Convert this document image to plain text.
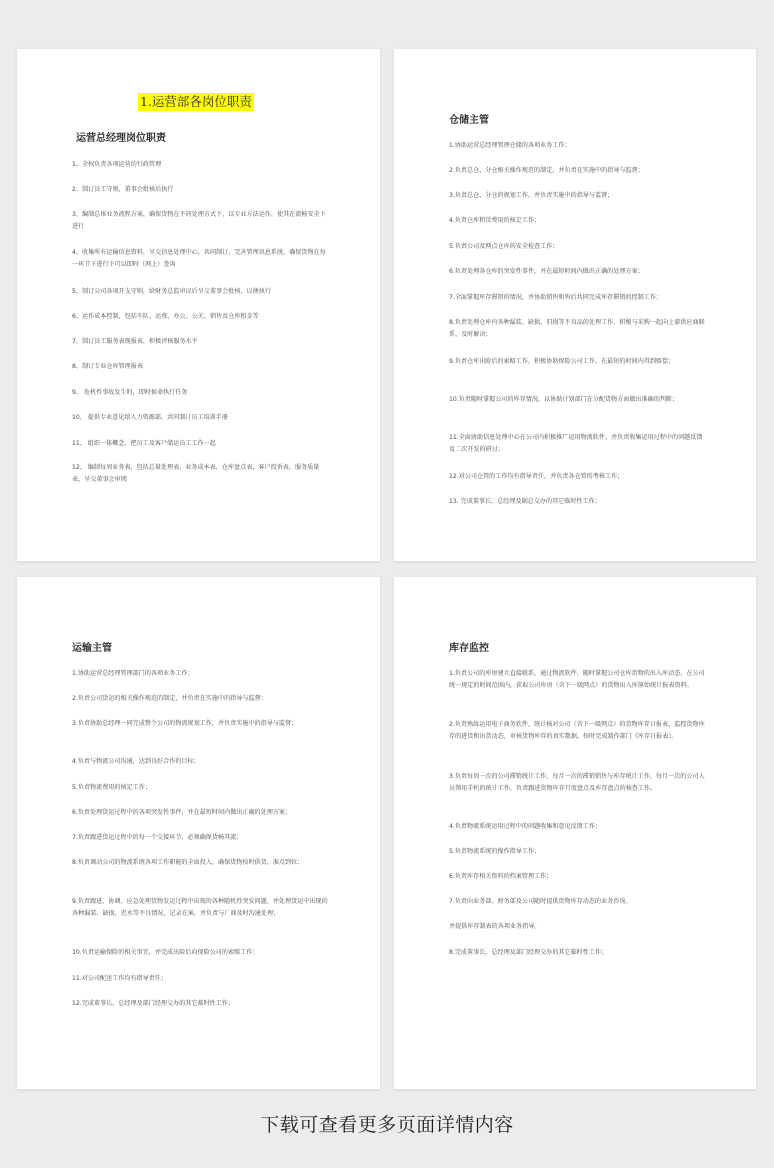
1.运营部各岗位职责
运营总经理岗位职责
1、全权负责各项运营的行政管理
2、制订员工守则，董事会批核后执行
3、编制总体业务流程方案，确保货物在不同处理方式下，以专业方法运作，使其在流畅安全下进行
4、收集所有运输信息资料，呈交信息处理中心，共同制订，完善管理讯息系统，确保货物在每一环节下进行下可以即时（网上）查询
5、制订公司各项开支守则，给财务总监审议后呈交董事会批核，以便执行
6、运作成本控制，包括车队、运费、办公、公关、销售及仓库租金等
7、制订员工服务表现报表，积极评核服务水平
8、制订专业仓库管理报表
9、 危机性事故发生时，即时候命执行任务
10、 提供专业意见给人力资源部，共同制订员工培训手册
11、 组织一体概念，把员工及客户储运员工工作一起
12、 编制每周业务表，包括总量处理表，业务成本表，仓库盘点表，客户投诉表，服务质量表，呈交董事会审阅
仓储主管
1.协助运营总经理管理仓储的各项业务工作；
2.负责总仓、分仓相关操作规范的制定，并负责在实施中的指导与监督；
3.负责总仓、分仓的规划工作，并负责实施中的指导与监督；
4.负责仓库租赁费用的核定工作；
5.负责公司及网点仓库的安全检查工作；
6.负责处理各仓库的突发性事件，并在最短时间内做出正确的处理方案；
7.全面掌握库存滞销的情况，并协助销售和售后共同完成库存滞销的控制工作；
8.负责处理仓库内各种漏装、缺损、旧损等不良品的处理工作，积极与采购一起向上游供应商联系，及时解决；
9.负责仓库出险后的索赔工作，积极协助保险公司工作，在最短的时间内得到赔偿；
10.负责随时掌握公司的库存情况，以协助计划部门在分配货物方面做出准确的判断；
11.全面协助信息处理中心在公司内积极推广运用物流软件，并负责收集运用过程中的问题反馈及二次开发的研讨；
12.对公司仓管的工作均有指导责任，并负责各仓管的考核工作；
13. 完成董事长、总经理及副总交办的其它临时性工作；
运输主管
1.协助运营总经理管理部门的各项业务工作；
2.负责公司货运的相关操作规范的制定，并负责在实施中的指导与监督；
3.负责协助总经理一同完成整个公司的物流规划工作，并负责实施中的指导与监督；
4.负责与物流公司沟通，达到良好合作的目标；
5.负责物流费用的核定工作；
6.负责处理货运过程中的各项突发性事件，并在最短时间内做出正确的处理方案；
7.负责跟进货运过程中的每一个交接环节，必须确保货畅其流；
8.负责调动公司的物流系统各项工作职能的全面投入，确保货物按时供货、准点到位；
9.负责跟进、协调、应急处理货物发运过程中出现的各种随机性突发问题，并处理货运中出现的各种漏装、缺损、迟水等不良情况，记录在案，并负责与厂商及时沟通处理；
10.负责运输保险的相关事宜，并完成出险后向保险公司的索赔工作；
11.对公司配送工作均有指导责任；
12.完成董事长、总经理及部门经理交办的其它临时性工作；
库存监控
1.负责公司的库房建立直接联系，通过物流软件，随时掌握公司仓库货物的出入库动态，在公司统一规定的时间范围内，获取公司库房（含下一级网点）的货物出入库原始统计报表资料。
2.负责熟练运用电子商务软件，统计核对公司（含下一级网点）的货物库存日报表，监控货物库存的进货和出货动态，审核货物库存的真实数据，按时完成制作部门《库存日报表》。
3.负责每周一次的公司滞销统计工作，每月一次的滞销销售与库存统计工作，每月一次的公司人员领用手机的统计工作，负责跟进货物库存月度盘点及库存盘点的核查工作。
4.负责物流系统运用过程中的问题收集和意见反馈工作；
5.负责物流系统的操作指导工作；
6.负责库存相关资料的档案管理工作；
7.负责向业务部、财务部及公司随时提供货物库存动态的业务咨询。
并提供库存制表的各项业务指导。
8.完成董事长、总经理及部门经理交办的其它临时性工作；
下载可查看更多页面详情内容
